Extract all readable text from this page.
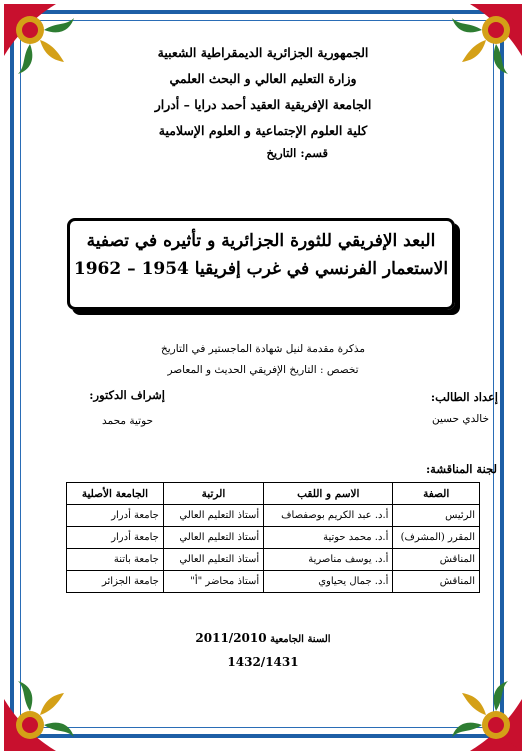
الجمهورية الجزائرية الديمقراطية الشعبية
وزارة التعليم العالي و البحث العلمي
الجامعة الإفريقية العقيد أحمد درايا – أدرار
كلية العلوم الإجتماعية و العلوم الإسلامية
قسم: التاريخ
البعد الإفريقي للثورة الجزائرية و تأثيره في تصفية
الاستعمار الفرنسي في غرب إفريقيا 1954 – 1962
مذكرة مقدمة لنيل شهادة الماجستير في التاريخ
تخصص : التاريخ الإفريقي الحديث و المعاصر
إعداد الطالب:
خالدي حسين
إشراف الدكتور:
حوتية محمد
لجنة المناقشة:
الصفة	الاسم و اللقب	الرتبة	الجامعة الأصلية
الرئيس	أ.د. عبد الكريم بوصفصاف	أستاذ التعليم العالي	جامعة أدرار
المقرر (المشرف)	أ.د. محمد حوتية	أستاذ التعليم العالي	جامعة أدرار
المناقش	أ.د. يوسف مناصرية	أستاذ التعليم العالي	جامعة باتنة
المناقش	أ.د. جمال يحياوي	أستاذ محاضر "أ"	جامعة الجزائر
السنة الجامعية 2011/2010
1432/1431
